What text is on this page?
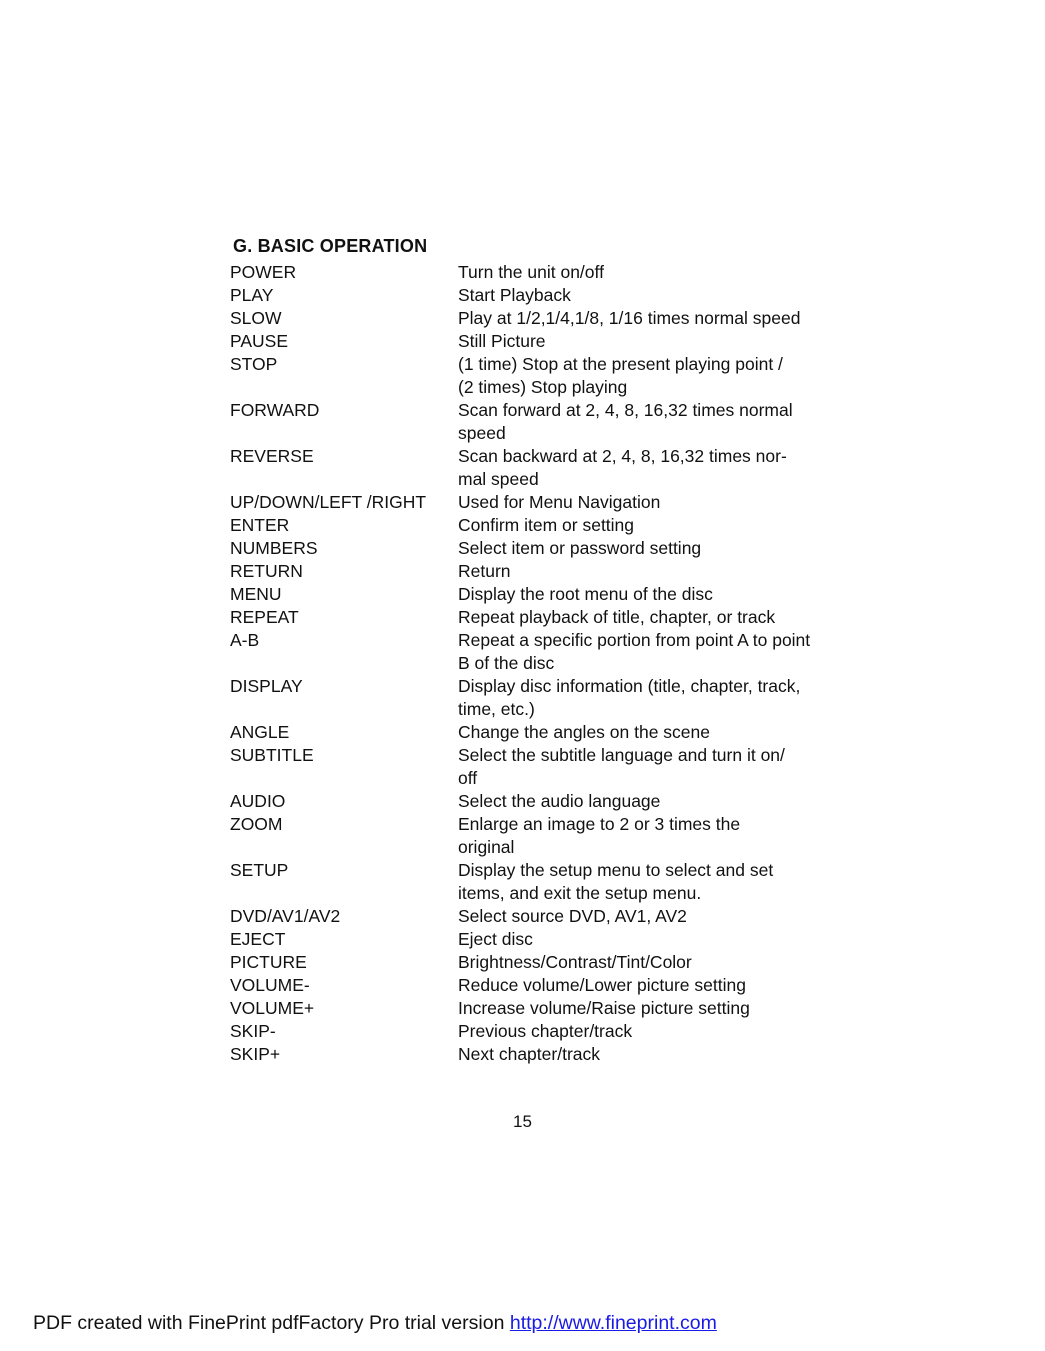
G. BASIC OPERATION
POWER	Turn the unit on/off
PLAY	Start Playback
SLOW	Play at 1/2,1/4,1/8, 1/16 times normal speed
PAUSE	Still Picture
STOP	(1 time) Stop at the present playing point /
(2 times) Stop playing
FORWARD	Scan forward at 2, 4, 8, 16,32 times normal
speed
REVERSE	Scan backward at 2, 4, 8, 16,32 times nor-
mal speed
UP/DOWN/LEFT /RIGHT	Used for Menu Navigation
ENTER	Confirm item or setting
NUMBERS	Select item or password setting
RETURN	Return
MENU	Display the root menu of the disc
REPEAT	Repeat playback of title, chapter, or track
A-B	Repeat a specific portion from point A to point
B of the disc
DISPLAY	Display disc information (title, chapter, track,
time, etc.)
ANGLE	Change the angles on the scene
SUBTITLE	Select the subtitle language and turn it on/
off
AUDIO	Select the audio language
ZOOM	Enlarge an image to 2 or 3 times the
original
SETUP	Display the setup menu to select and set
items, and exit the setup menu.
DVD/AV1/AV2	Select source DVD, AV1, AV2
EJECT	Eject disc
PICTURE	Brightness/Contrast/Tint/Color
VOLUME-	Reduce volume/Lower picture setting
VOLUME+	Increase volume/Raise picture setting
SKIP-	Previous chapter/track
SKIP+	Next chapter/track
15
PDF created with FinePrint pdfFactory Pro trial version http://www.fineprint.com
